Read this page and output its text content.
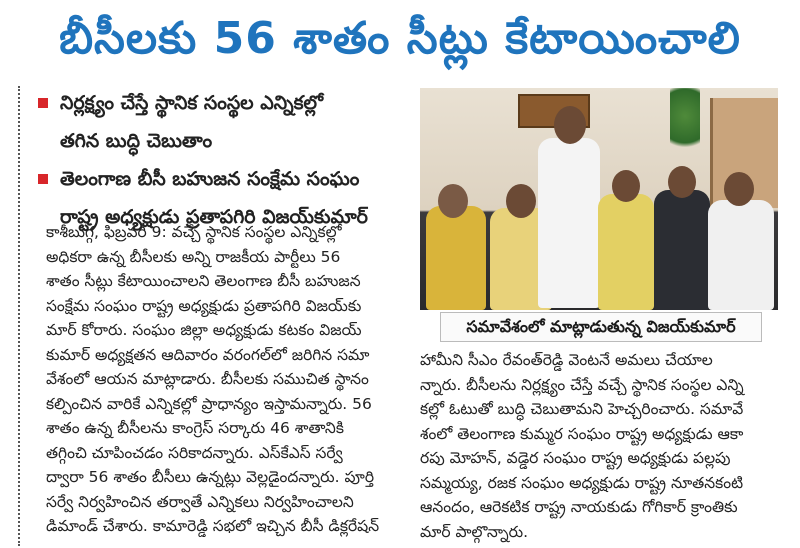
బీసీలకు 56 శాతం సీట్లు కేటాయించాలి
నిర్లక్ష్యం చేస్తే స్థానిక సంస్థల ఎన్నికల్లో
తగిన బుద్ధి చెబుతాం
తెలంగాణ బీసీ బహుజన సంక్షేమ సంఘం
రాష్ట్ర అధ్యక్షుడు ప్రతాపగిరి విజయ్‌కుమార్
కాశీబుగ్గ, ఫిబ్రవరి 9: వచ్చే స్థానిక సంస్థల ఎన్నికల్లో
అధికరా ఉన్న బీసీలకు అన్ని రాజకీయ పార్టీలు 56
శాతం సీట్లు కేటాయించాలని తెలంగాణ బీసీ బహుజన
సంక్షేమ సంఘం రాష్ట్ర అధ్యక్షుడు ప్రతాపగిరి విజయ్‌కు
మార్ కోరారు. సంఘం జిల్లా అధ్యక్షుడు కటకం విజయ్
కుమార్ అధ్యక్షతన ఆదివారం వరంగల్‌లో జరిగిన సమా
వేశంలో ఆయన మాట్లాడారు. బీసీలకు సముచిత స్థానం
కల్పించిన వారికే ఎన్నికల్లో ప్రాధాన్యం ఇస్తామన్నారు. 56
శాతం ఉన్న బీసీలను కాంగ్రెస్ సర్కారు 46 శాతానికి
తగ్గించి చూపించడం సరికాదన్నారు. ఎస్‌కేఎస్ సర్వే
ద్వారా 56 శాతం బీసీలు ఉన్నట్లు వెల్లడైందన్నారు. పూర్తి
సర్వే నిర్వహించిన తర్వాతే ఎన్నికలు నిర్వహించాలని
డిమాండ్ చేశారు. కామారెడ్డి సభలో ఇచ్చిన బీసీ డిక్లరేషన్
సమావేశంలో మాట్లాడుతున్న విజయ్‌కుమార్
హామీని సీఎం రేవంత్‌రెడ్డి వెంటనే అమలు చేయాల
న్నారు. బీసీలను నిర్లక్ష్యం చేస్తే వచ్చే స్థానిక సంస్థల ఎన్ని
కల్లో ఓటుతో బుద్ధి చెబుతామని హెచ్చరించారు. సమావే
శంలో తెలంగాణ కుమ్మర సంఘం రాష్ట్ర అధ్యక్షుడు ఆకా
రపు మోహన్, వడ్డెర సంఘం రాష్ట్ర అధ్యక్షుడు పల్లపు
సమ్మయ్య, రజక సంఘం అధ్యక్షుడు రాష్ట్ర నూతనకంటి
ఆనందం, ఆరెకటిక రాష్ట్ర నాయకుడు గోగికార్ క్రాంతికు
మార్ పాల్గొన్నారు.
